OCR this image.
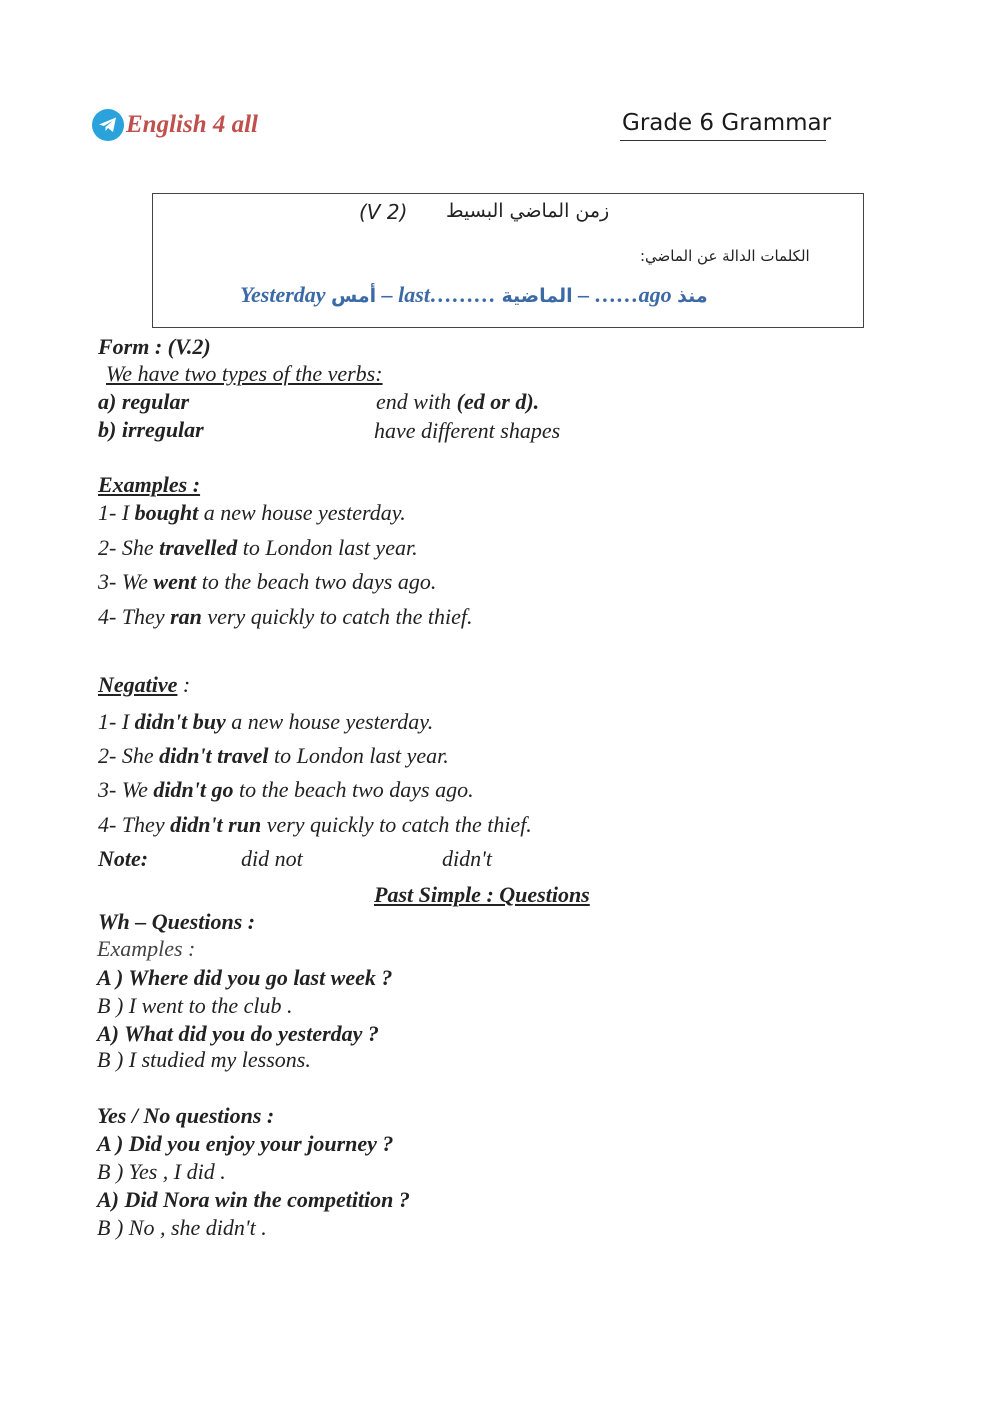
English 4 all	Grade 6 Grammar
(V 2) زمن الماضي البسيط
الكلمات الدالة عن الماضي:
Yesterday أمس – last……… الماضية – ……ago منذ
Form : (V.2)
We have two types of the verbs:
a) regular	end with (ed or d).
b) irregular	have different shapes
Examples :
1- I bought a new house yesterday.
2- She travelled to London last year.
3- We went to the beach two days ago.
4- They ran very quickly to catch the thief.
Negative :
1- I didn't buy a new house yesterday.
2- She didn't travel to London last year.
3- We didn't go to the beach two days ago.
4- They didn't run very quickly to catch the thief.
Note:	did not	didn't
Past Simple : Questions
Wh – Questions :
Examples :
A ) Where did you go last week ?
B ) I went to the club .
A) What did you do yesterday ?
B ) I studied my lessons.
Yes / No questions :
A ) Did you enjoy your journey ?
B ) Yes , I did .
A) Did Nora win the competition ?
B ) No , she didn't .
